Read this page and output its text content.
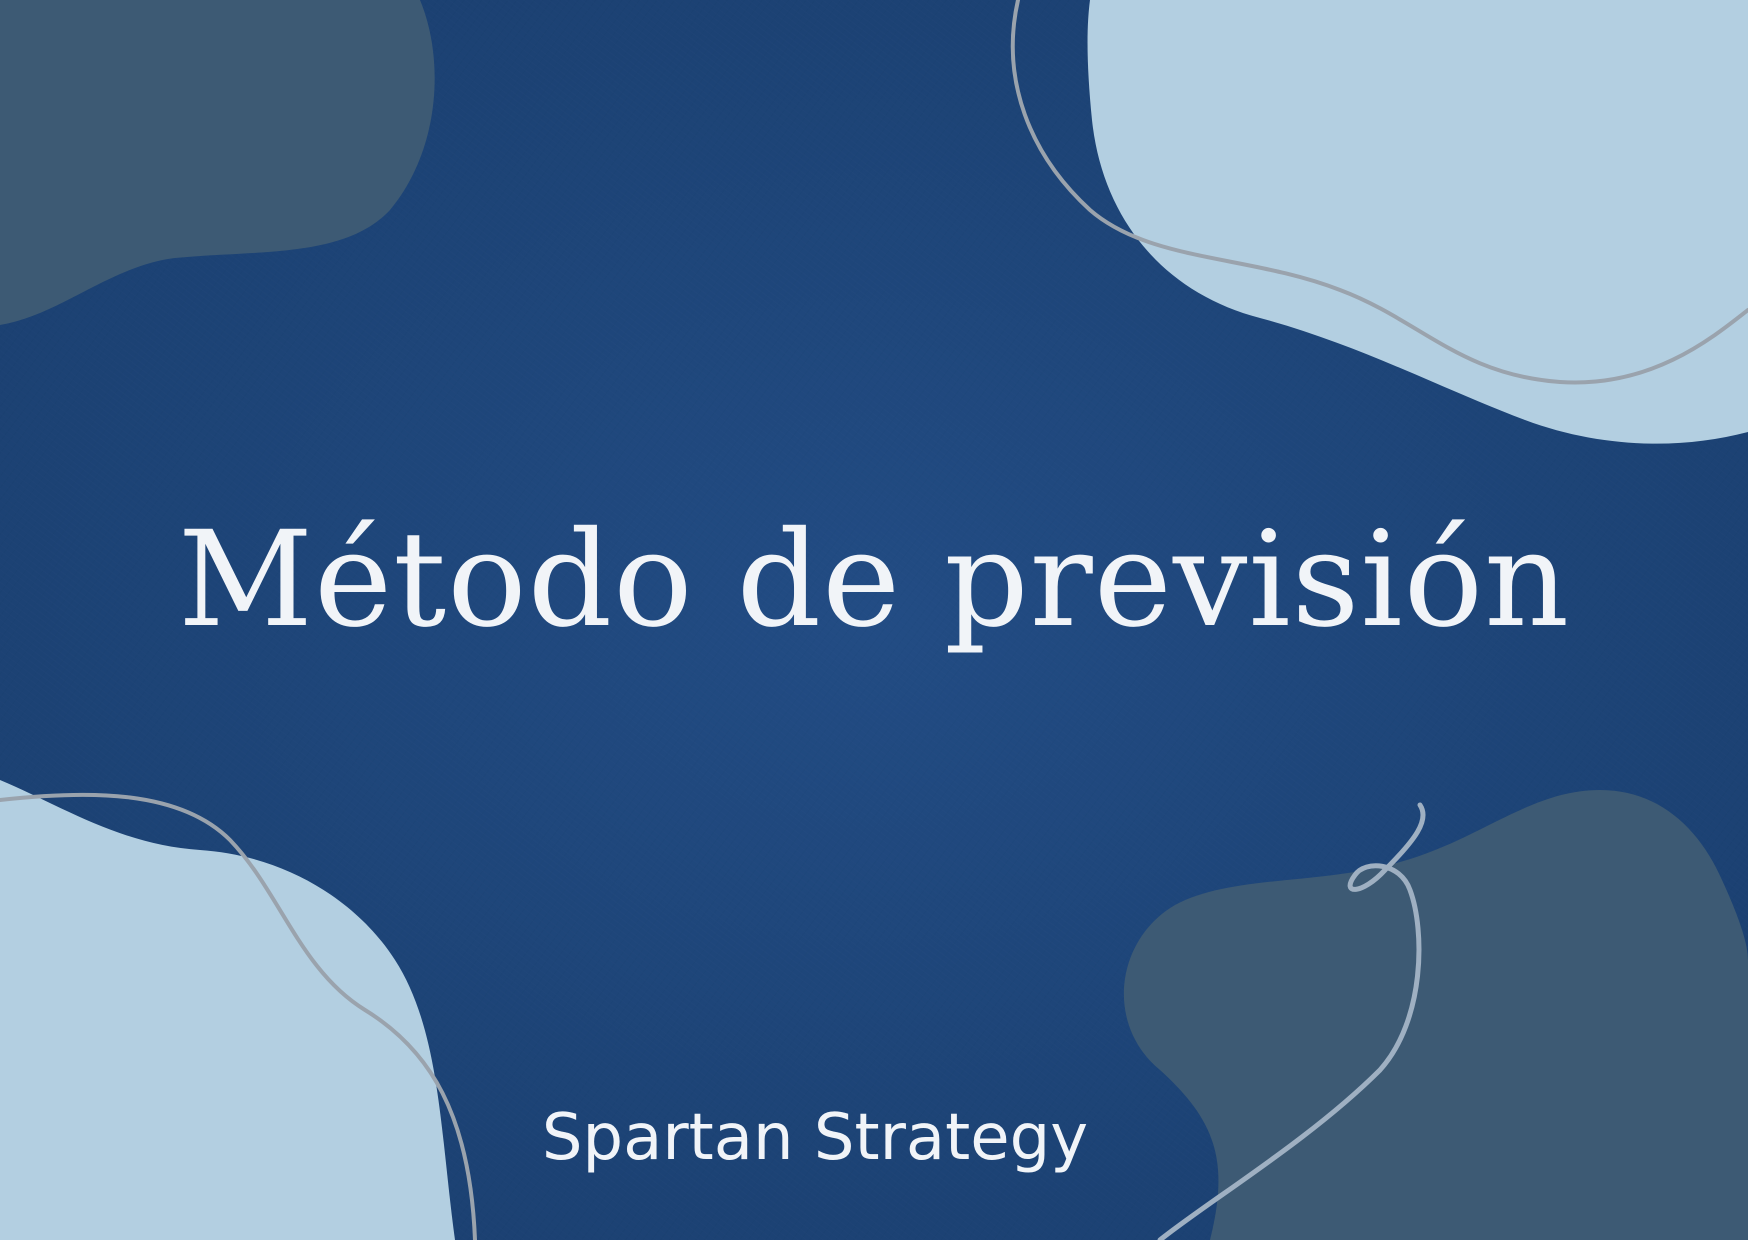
Método de previsión
Spartan Strategy
